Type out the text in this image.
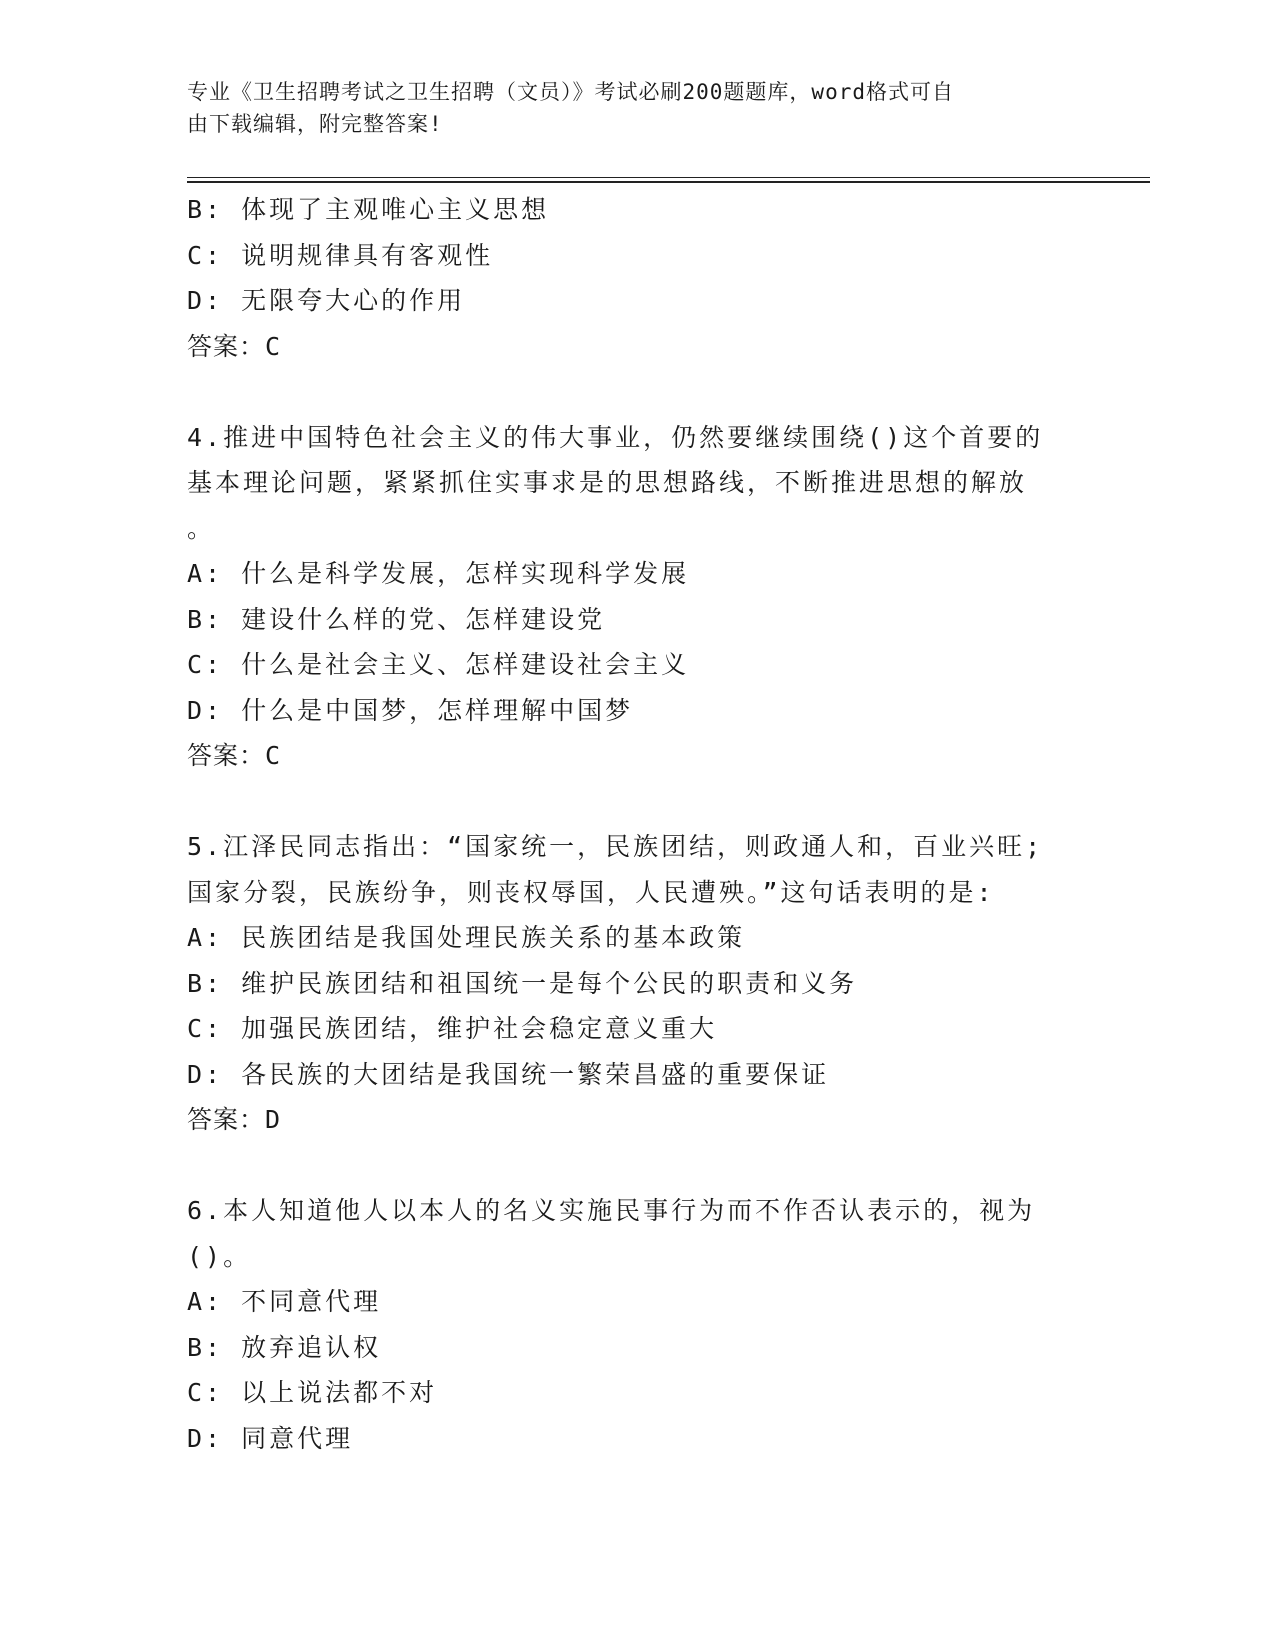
专业《卫生招聘考试之卫生招聘（文员）》考试必刷200题题库，word格式可自
由下载编辑，附完整答案!
B: 体现了主观唯心主义思想
C: 说明规律具有客观性
D: 无限夸大心的作用
答案：C
4.推进中国特色社会主义的伟大事业，仍然要继续围绕()这个首要的
基本理论问题，紧紧抓住实事求是的思想路线，不断推进思想的解放
。
A: 什么是科学发展，怎样实现科学发展
B: 建设什么样的党、怎样建设党
C: 什么是社会主义、怎样建设社会主义
D: 什么是中国梦，怎样理解中国梦
答案：C
5.江泽民同志指出：“国家统一，民族团结，则政通人和，百业兴旺;
国家分裂，民族纷争，则丧权辱国，人民遭殃。”这句话表明的是:
A: 民族团结是我国处理民族关系的基本政策
B: 维护民族团结和祖国统一是每个公民的职责和义务
C: 加强民族团结，维护社会稳定意义重大
D: 各民族的大团结是我国统一繁荣昌盛的重要保证
答案：D
6.本人知道他人以本人的名义实施民事行为而不作否认表示的，视为
()。
A: 不同意代理
B: 放弃追认权
C: 以上说法都不对
D: 同意代理
